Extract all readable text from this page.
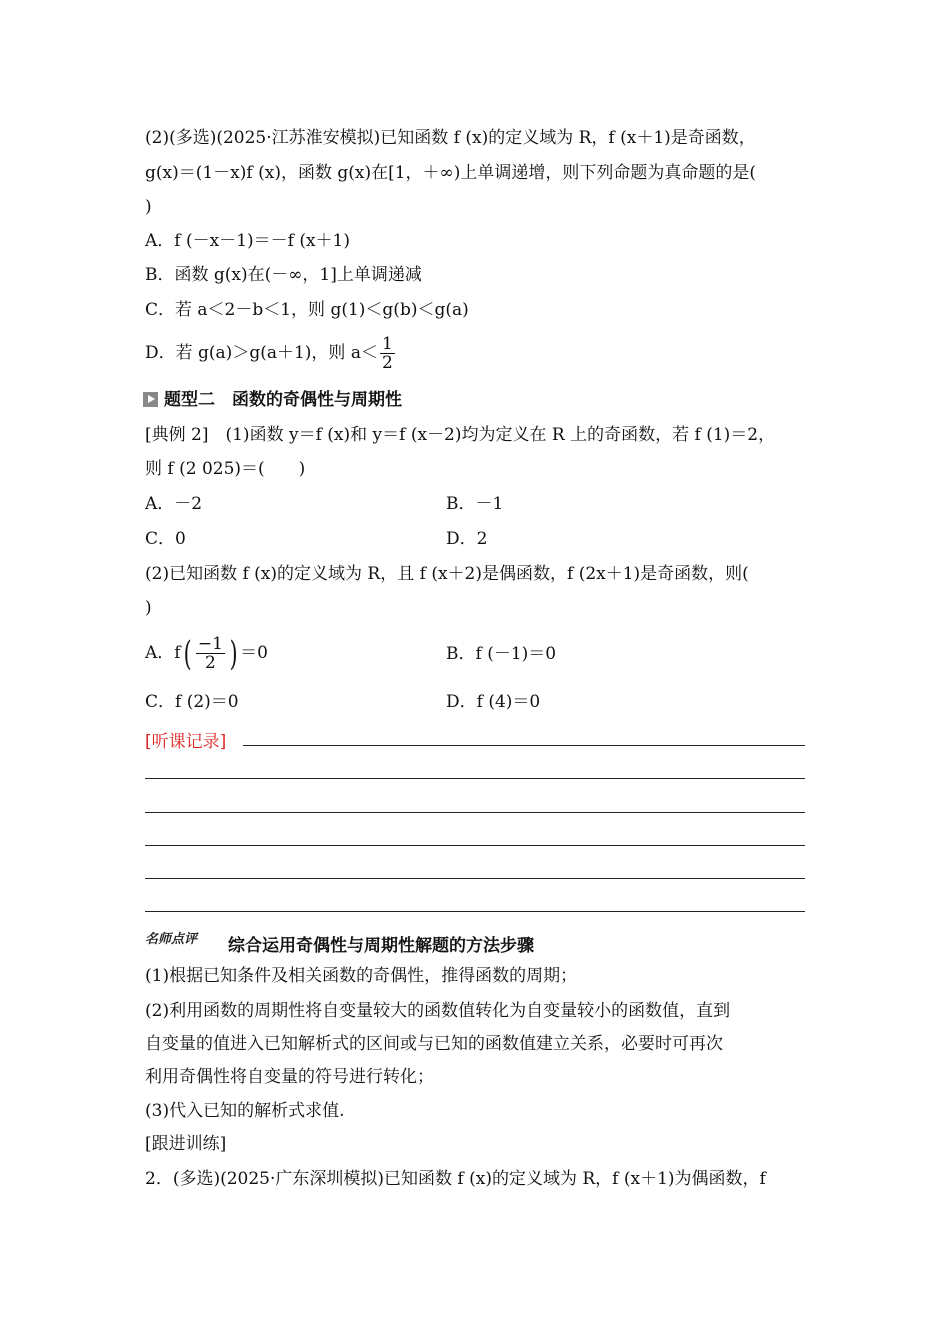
(2)(多选)(2025·江苏淮安模拟)已知函数 f (x)的定义域为 R，f (x＋1)是奇函数，
g(x)＝(1－x)f (x)，函数 g(x)在[1，＋∞)上单调递增，则下列命题为真命题的是(
)
A．f (－x－1)＝－f (x＋1)
B．函数 g(x)在(－∞，1]上单调递减
C．若 a＜2－b＜1，则 g(1)＜g(b)＜g(a)
D．若 g(a)＞g(a＋1)，则 $a< \frac{1}{2}$
题型二　函数的奇偶性与周期性
[典例 2]　(1)函数 y＝f (x)和 y＝f (x－2)均为定义在 R 上的奇函数，若 f (1)＝2，
则 f (2 025)＝(　　)
A．－2	B．－1
C．0	D．2
(2)已知函数 f (x)的定义域为 R，且 f (x＋2)是偶函数，f (2x＋1)是奇函数，则(
)
A．$f( \frac{-1}{2}$ ) ＝0	B．f (－1)＝0
C．f (2)＝0	D．f (4)＝0
[听课记录]
名师点评 综合运用奇偶性与周期性解题的方法步骤
(1)根据已知条件及相关函数的奇偶性，推得函数的周期；
(2)利用函数的周期性将自变量较大的函数值转化为自变量较小的函数值，直到
自变量的值进入已知解析式的区间或与已知的函数值建立关系，必要时可再次
利用奇偶性将自变量的符号进行转化；
(3)代入已知的解析式求值.
[跟进训练]
2．(多选)(2025·广东深圳模拟)已知函数 f (x)的定义域为 R，f (x＋1)为偶函数，f
